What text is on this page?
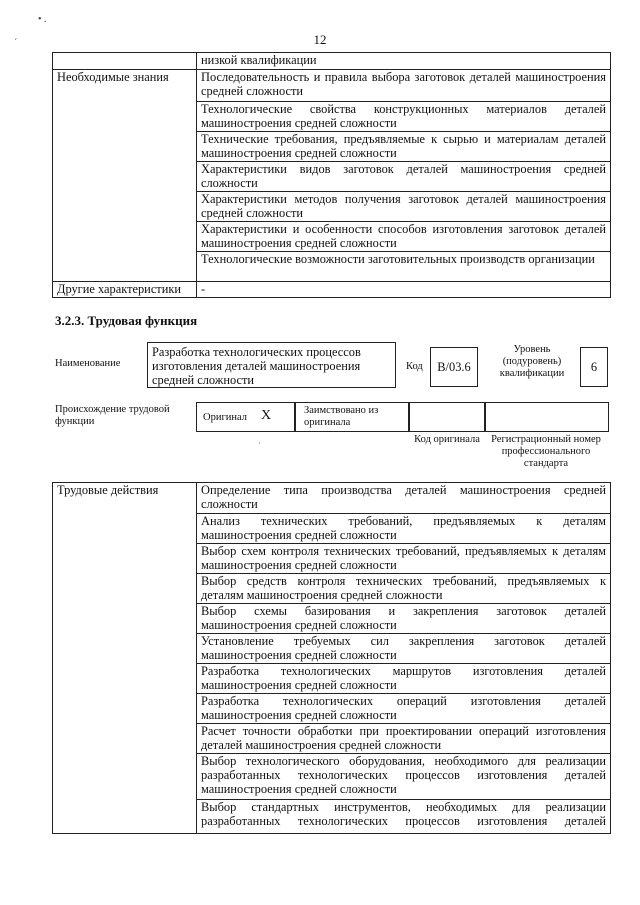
12
• .
´
	низкой квалификации
Необходимые знания	Последовательность и правила выбора заготовок деталей машиностроения средней сложности
	Технологические свойства конструкционных материалов деталей машиностроения средней сложности
	Технические требования, предъявляемые к сырью и материалам деталей машиностроения средней сложности
	Характеристики видов заготовок деталей машиностроения средней сложности
	Характеристики методов получения заготовок деталей машиностроения средней сложности
	Характеристики и особенности способов изготовления заготовок деталей машиностроения средней сложности
	Технологические возможности заготовительных производств организации
Другие характеристики	-
3.2.3. Трудовая функция
Наименование
Разработка технологических процессов изготовления деталей машиностроения средней сложности
Код	В/03.6
Уровень (подуровень) квалификации	6
Происхождение трудовой функции	Оригинал X	Заимствовано из оригинала
Код оригинала	Регистрационный номер профессионального стандарта
·
Трудовые действия	Определение типа производства деталей машиностроения средней сложности
Анализ технических требований, предъявляемых к деталям машиностроения средней сложности
Выбор схем контроля технических требований, предъявляемых к деталям машиностроения средней сложности
Выбор средств контроля технических требований, предъявляемых к деталям машиностроения средней сложности
Выбор схемы базирования и закрепления заготовок деталей машиностроения средней сложности
Установление требуемых сил закрепления заготовок деталей машиностроения средней сложности
Разработка технологических маршрутов изготовления деталей машиностроения средней сложности
Разработка технологических операций изготовления деталей машиностроения средней сложности
Расчет точности обработки при проектировании операций изготовления деталей машиностроения средней сложности
Выбор технологического оборудования, необходимого для реализации разработанных технологических процессов изготовления деталей машиностроения средней сложности
Выбор стандартных инструментов, необходимых для реализации разработанных технологических процессов изготовления деталей
